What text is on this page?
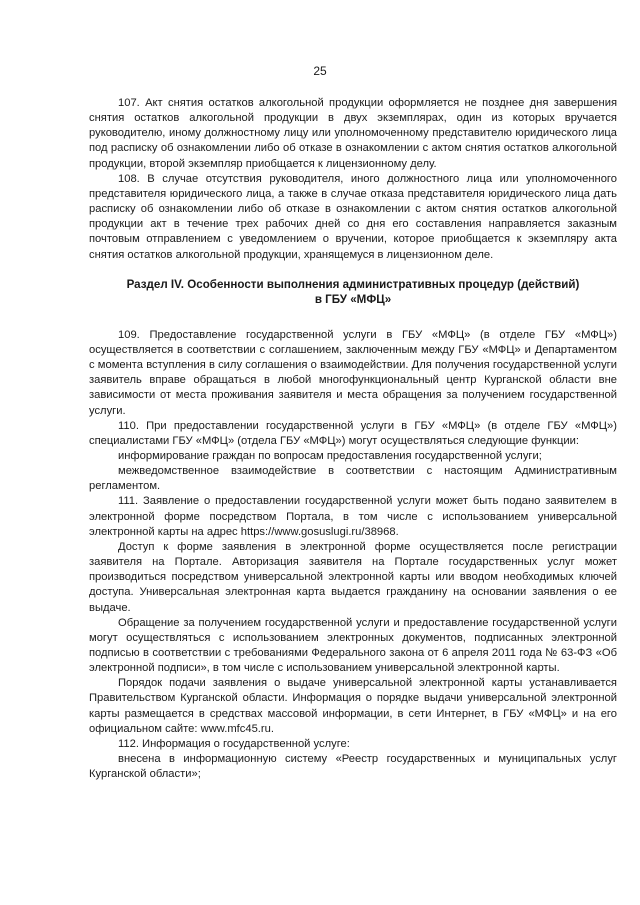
25

107. Акт снятия остатков алкогольной продукции оформляется не позднее дня завершения снятия остатков алкогольной продукции в двух экземплярах, один из которых вручается руководителю, иному должностному лицу или уполномоченному представителю юридического лица под расписку об ознакомлении либо об отказе в ознакомлении с актом снятия остатков алкогольной продукции, второй экземпляр приобщается к лицензионному делу.

108. В случае отсутствия руководителя, иного должностного лица или уполномоченного представителя юридического лица, а также в случае отказа представителя юридического лица дать расписку об ознакомлении либо об отказе в ознакомлении с актом снятия остатков алкогольной продукции акт в течение трех рабочих дней со дня его составления направляется заказным почтовым отправлением с уведомлением о вручении, которое приобщается к экземпляру акта снятия остатков алкогольной продукции, хранящемуся в лицензионном деле.

Раздел IV. Особенности выполнения административных процедур (действий)
в ГБУ «МФЦ»

109. Предоставление государственной услуги в ГБУ «МФЦ» (в отделе ГБУ «МФЦ») осуществляется в соответствии с соглашением, заключенным между ГБУ «МФЦ» и Департаментом с момента вступления в силу соглашения о взаимодействии. Для получения государственной услуги заявитель вправе обращаться в любой многофункциональный центр Курганской области вне зависимости от места проживания заявителя и места обращения за получением государственной услуги.

110. При предоставлении государственной услуги в ГБУ «МФЦ» (в отделе ГБУ «МФЦ») специалистами ГБУ «МФЦ» (отдела ГБУ «МФЦ») могут осуществляться следующие функции:

информирование граждан по вопросам предоставления государственной услуги;

межведомственное взаимодействие в соответствии с настоящим Административным регламентом.

111. Заявление о предоставлении государственной услуги может быть подано заявителем в электронной форме посредством Портала, в том числе с использованием универсальной электронной карты на адрес https://www.gosuslugi.ru/38968.

Доступ к форме заявления в электронной форме осуществляется после регистрации заявителя на Портале. Авторизация заявителя на Портале государственных услуг может производиться посредством универсальной электронной карты или вводом необходимых ключей доступа. Универсальная электронная карта выдается гражданину на основании заявления о ее выдаче.

Обращение за получением государственной услуги и предоставление государственной услуги могут осуществляться с использованием электронных документов, подписанных электронной подписью в соответствии с требованиями Федерального закона от 6 апреля 2011 года № 63-ФЗ «Об электронной подписи», в том числе с использованием универсальной электронной карты.

Порядок подачи заявления о выдаче универсальной электронной карты устанавливается Правительством Курганской области. Информация о порядке выдачи универсальной электронной карты размещается в средствах массовой информации, в сети Интернет, в ГБУ «МФЦ» и на его официальном сайте: www.mfc45.ru.

112. Информация о государственной услуге:

внесена в информационную систему «Реестр государственных и муниципальных услуг Курганской области»;
